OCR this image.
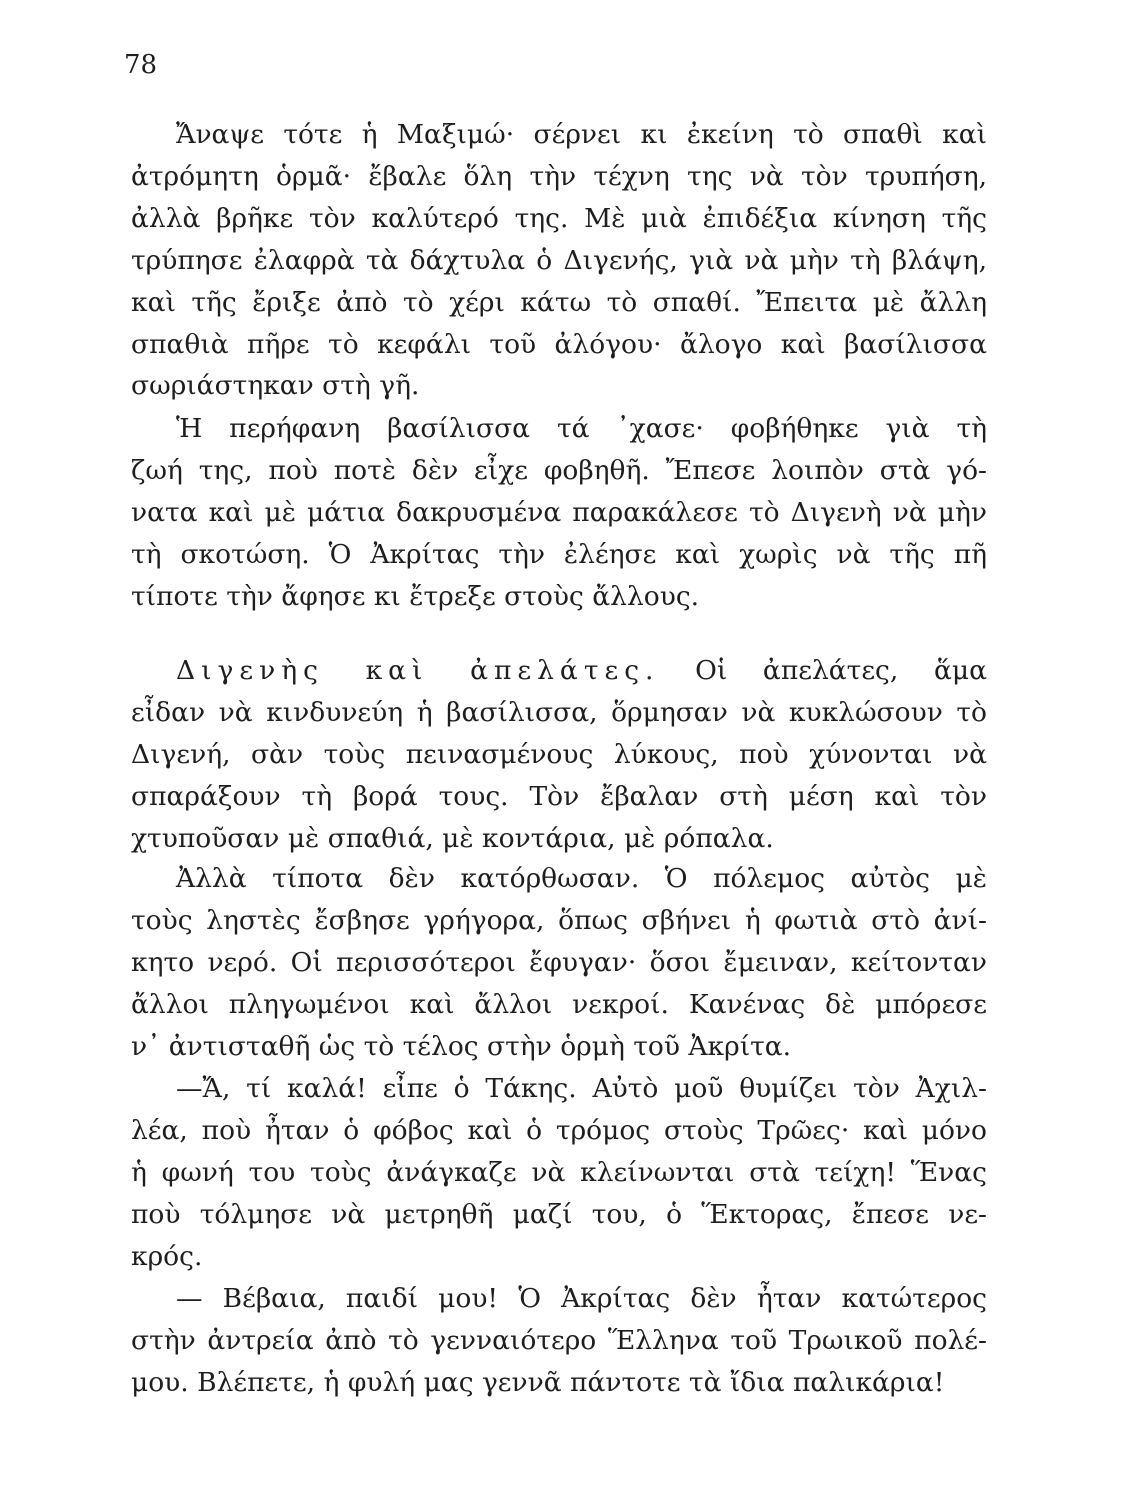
78
Ἄναψε τότε ἡ Μαξιμώ· σέρνει κι ἐκείνη τὸ σπαθὶ καὶ
ἀτρόμητη ὁρμᾶ· ἔβαλε ὅλη τὴν τέχνη της νὰ τὸν τρυπήση,
ἀλλὰ βρῆκε τὸν καλύτερό της. Μὲ μιὰ ἐπιδέξια κίνηση τῆς
τρύπησε ἐλαφρὰ τὰ δάχτυλα ὁ Διγενής, γιὰ νὰ μὴν τὴ βλάψη,
καὶ τῆς ἔριξε ἀπὸ τὸ χέρι κάτω τὸ σπαθί. Ἔπειτα μὲ ἄλλη
σπαθιὰ πῆρε τὸ κεφάλι τοῦ ἀλόγου· ἄλογο καὶ βασίλισσα
σωριάστηκαν στὴ γῆ.
Ἡ περήφανη βασίλισσα τά ᾽χασε· φοβήθηκε γιὰ τὴ
ζωή της, ποὺ ποτὲ δὲν εἶχε φοβηθῆ. Ἔπεσε λοιπὸν στὰ γό-
νατα καὶ μὲ μάτια δακρυσμένα παρακάλεσε τὸ Διγενὴ νὰ μὴν
τὴ σκοτώση. Ὁ Ἀκρίτας τὴν ἐλέησε καὶ χωρὶς νὰ τῆς πῆ
τίποτε τὴν ἄφησε κι ἔτρεξε στοὺς ἄλλους.
Διγενὴς καὶ ἀπελάτες. Οἱ ἀπελάτες, ἅμα
εἶδαν νὰ κινδυνεύη ἡ βασίλισσα, ὅρμησαν νὰ κυκλώσουν τὸ
Διγενή, σὰν τοὺς πεινασμένους λύκους, ποὺ χύνονται νὰ
σπαράξουν τὴ βορά τους. Τὸν ἔβαλαν στὴ μέση καὶ τὸν
χτυποῦσαν μὲ σπαθιά, μὲ κοντάρια, μὲ ρόπαλα.
Ἀλλὰ τίποτα δὲν κατόρθωσαν. Ὁ πόλεμος αὐτὸς μὲ
τοὺς ληστὲς ἔσβησε γρήγορα, ὅπως σβήνει ἡ φωτιὰ στὸ ἀνί-
κητο νερό. Οἱ περισσότεροι ἔφυγαν· ὅσοι ἔμειναν, κείτονταν
ἄλλοι πληγωμένοι καὶ ἄλλοι νεκροί. Κανένας δὲ μπόρεσε
ν᾽ ἀντισταθῆ ὡς τὸ τέλος στὴν ὁρμὴ τοῦ Ἀκρίτα.
—Ἄ, τί καλά! εἶπε ὁ Τάκης. Αὐτὸ μοῦ θυμίζει τὸν Ἀχιλ-
λέα, ποὺ ἦταν ὁ φόβος καὶ ὁ τρόμος στοὺς Τρῶες· καὶ μόνο
ἡ φωνή του τοὺς ἀνάγκαζε νὰ κλείνωνται στὰ τείχη! Ἕνας
ποὺ τόλμησε νὰ μετρηθῆ μαζί του, ὁ Ἕκτορας, ἔπεσε νε-
κρός.
— Βέβαια, παιδί μου! Ὁ Ἀκρίτας δὲν ἦταν κατώτερος
στὴν ἀντρεία ἀπὸ τὸ γενναιότερο Ἕλληνα τοῦ Τρωικοῦ πολέ-
μου. Βλέπετε, ἡ φυλή μας γεννᾶ πάντοτε τὰ ἴδια παλικάρια!
